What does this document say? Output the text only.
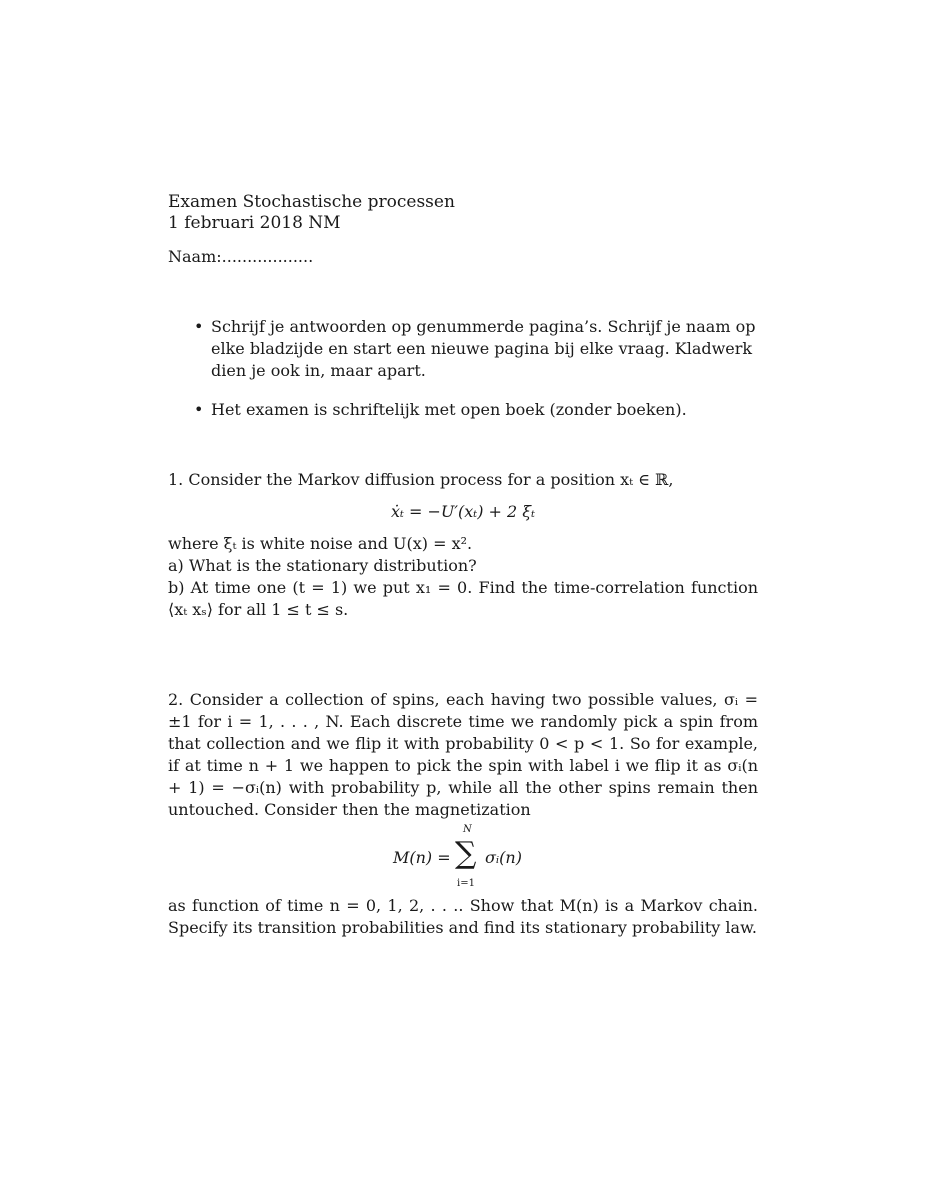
Examen Stochastische processen
1 februari 2018 NM
Naam:..................
• Schrijf je antwoorden op genummerde pagina’s. Schrijf je naam op elke bladzijde en start een nieuwe pagina bij elke vraag. Kladwerk dien je ook in, maar apart.
• Het examen is schriftelijk met open boek (zonder boeken).

1. Consider the Markov diffusion process for a position xₜ ∈ ℝ,

ẋₜ = −U′(xₜ) + 2 ξₜ

where ξₜ is white noise and U(x) = x².

a) What is the stationary distribution?

b) At time one (t = 1) we put x₁ = 0. Find the time-correlation function ⟨xₜ xₛ⟩ for all 1 ≤ t ≤ s.

2. Consider a collection of spins, each having two possible values, σᵢ = ±1 for i = 1, . . . , N. Each discrete time we randomly pick a spin from that collection and we flip it with probability 0 < p < 1. So for example, if at time n + 1 we happen to pick the spin with label i we flip it as σᵢ(n + 1) = −σᵢ(n) with probability p, while all the other spins remain then untouched. Consider then the magnetization

M(n) =
N
∑
i=1
σᵢ(n)

as function of time n = 0, 1, 2, . . .. Show that M(n) is a Markov chain. Specify its transition probabilities and find its stationary probability law.
